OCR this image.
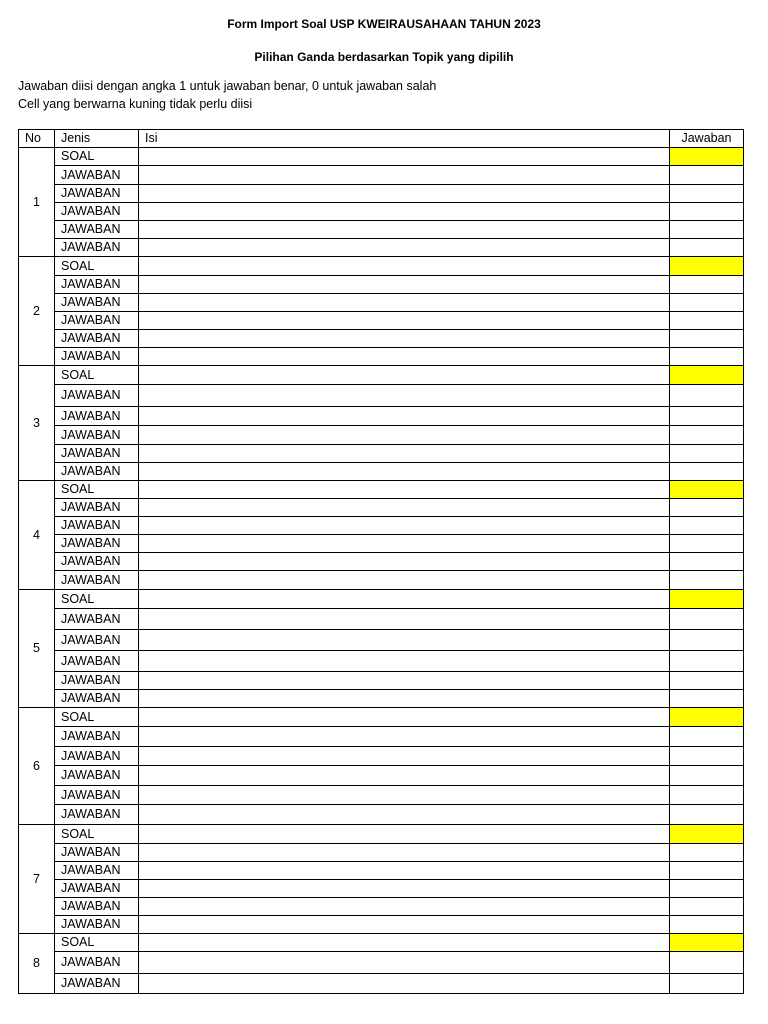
Form Import Soal USP KWEIRAUSAHAAN TAHUN 2023
Pilihan Ganda berdasarkan Topik yang dipilih
Jawaban diisi dengan angka 1 untuk jawaban benar, 0 untuk jawaban salah
Cell yang berwarna kuning tidak perlu diisi
No	Jenis	Isi	Jawaban
1	SOAL		
	JAWABAN		
	JAWABAN		
	JAWABAN		
	JAWABAN		
	JAWABAN		
2	SOAL		
	JAWABAN		
	JAWABAN		
	JAWABAN		
	JAWABAN		
	JAWABAN		
3	SOAL		
	JAWABAN		
	JAWABAN		
	JAWABAN		
	JAWABAN		
	JAWABAN		
4	SOAL		
	JAWABAN		
	JAWABAN		
	JAWABAN		
	JAWABAN		
	JAWABAN		
5	SOAL		
	JAWABAN		
	JAWABAN		
	JAWABAN		
	JAWABAN		
	JAWABAN		
6	SOAL		
	JAWABAN		
	JAWABAN		
	JAWABAN		
	JAWABAN		
	JAWABAN		
7	SOAL		
	JAWABAN		
	JAWABAN		
	JAWABAN		
	JAWABAN		
	JAWABAN		
8	SOAL		
	JAWABAN		
	JAWABAN		
